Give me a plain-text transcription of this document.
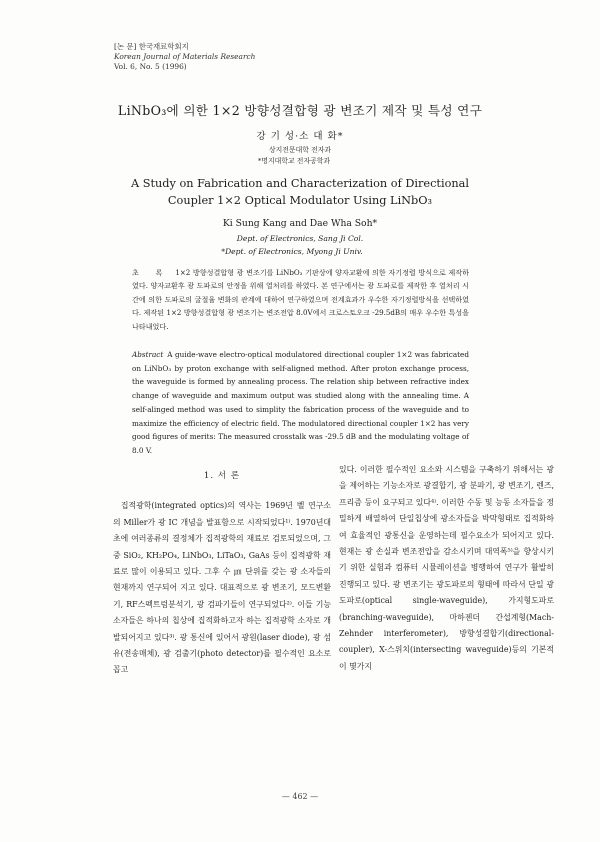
[논 문] 한국재료학회지
Korean Journal of Materials Research
Vol. 6, No. 5 (1996)
LiNbO₃에 의한 1×2 방향성결합형 광 변조기 제작 및 특성 연구
강 기 성·소 대 화*
상지전문대학 전자과
*명지대학교 전자공학과
A Study on Fabrication and Characterization of Directional
Coupler 1×2 Optical Modulator Using LiNbO₃
Ki Sung Kang and Dae Wha Soh*
Dept. of Electronics, Sang Ji Col.
*Dept. of Electronics, Myong Ji Univ.
초 록 1×2 방향성결합형 광 변조기를 LiNbO₃ 기판상에 양자교환에 의한 자기정렬 방식으로 제작하였다. 양자교환후 광 도파로의 안정을 위해 열처리를 하였다. 본 연구에서는 광 도파로를 제작한 후 열처리 시간에 의한 도파로의 굴절율 변화의 관계에 대하여 연구하였으며 전계효과가 우수한 자기정렬방식을 선택하였다. 제작된 1×2 방향성결합형 광 변조기는 변조전압 8.0V에서 크로스토오크 -29.5dB의 매우 우수한 특성을 나타내었다.
Abstract A guide-wave electro-optical modulatored directional coupler 1×2 was fabricated on LiNbO₃ by proton exchange with self-aligned method. After proton exchange process, the waveguide is formed by annealing process. The relation ship between refractive index change of waveguide and maximum output was studied along with the annealing time. A self-alinged method was used to simplity the fabrication process of the waveguide and to maximize the efficiency of electric field. The modulatored directional coupler 1×2 has very good figures of merits: The measured crosstalk was -29.5 dB and the modulating voltage of 8.0 V.
1. 서 론

집적광학(integrated optics)의 역사는 1969년 벨 연구소의 Miller가 광 IC 개념을 발표함으로 시작되었다¹⁾. 1970년대초에 여러종류의 결정체가 집적광학의 재료로 검토되었으며, 그 중 SiO₂, KH₂PO₄, LiNbO₃, LiTaO₃, GaAs 등이 집적광학 재료로 많이 이용되고 있다. 그후 수 ㎛ 단위를 갖는 광 소자들의 현재까지 연구되어 지고 있다. 대표적으로 광 변조기, 모드변환기, RF스펙트럼분석기, 광 검파기들이 연구되었다²⁾. 이들 기능소자들은 하나의 칩상에 집적화하고자 하는 집적광학 소자로 개발되어지고 있다³⁾. 광 통신에 있어서 광원(laser diode), 광 섬유(전송매체), 광 검출기(photo detector)를 필수적인 요소로 꼽고

있다. 이러한 필수적인 요소와 시스템을 구축하기 위해서는 광을 제어하는 기능소자로 광결합기, 광 분파기, 광 변조기, 렌즈, 프리즘 등이 요구되고 있다⁴⁾. 이러한 수동 및 능동 소자들을 정밀하게 배열하여 단일칩상에 광소자들을 박막형태로 집적화하여 효율적인 광통신을 운영하는데 필수요소가 되어지고 있다. 현재는 광 손실과 변조전압을 감소시키며 대역폭⁵⁾을 향상시키기 위한 실험과 컴퓨터 시뮬레이션을 병행하여 연구가 활발히 진행되고 있다. 광 변조기는 광도파로의 형태에 따라서 단일 광 도파로(optical single-waveguide), 가지형도파로(branching-waveguide), 마하젠더 간섭계형(Mach-Zehnder interferometer), 방향성결합기(directional-coupler), X-스위치(intersecting waveguide)등의 기본적이 몇가지

— 462 —
